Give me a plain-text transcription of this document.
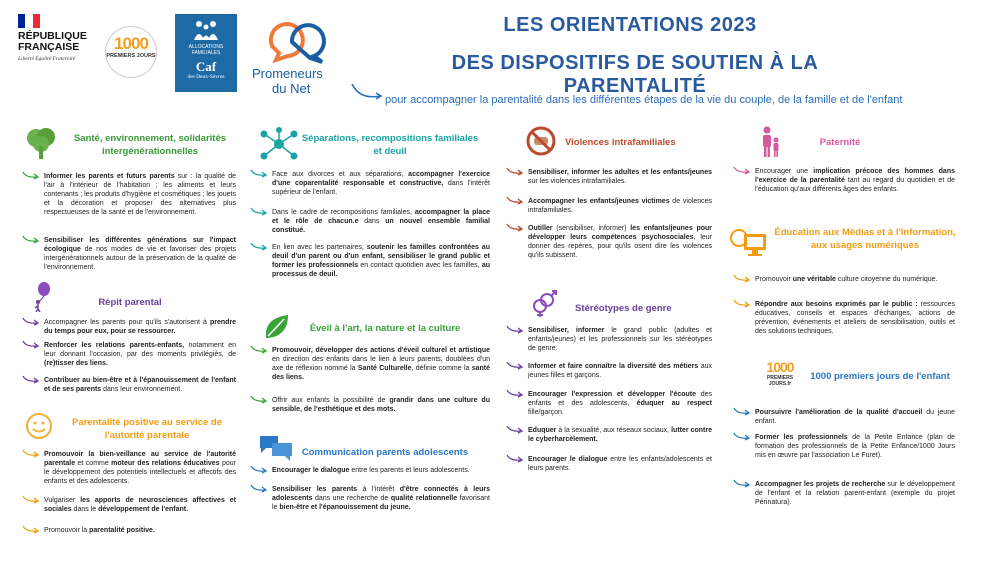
RÉPUBLIQUE FRANÇAISE
Liberté Égalité Fraternité
1000
PREMIERS JOURS
ALLOCATIONS FAMILIALES
Caf
des Deux-Sèvres	Promeneurs
du Net
LES ORIENTATIONS 2023
DES DISPOSITIFS DE SOUTIEN À LA PARENTALITÉ
pour accompagner la parentalité dans les différentes étapes de la vie du couple, de la famille et de l'enfant
Santé, environnement, solidarités intergénérationnelles
Informer les parents et futurs parents sur : la qualité de l'air à l'intérieur de l'habitation ; les aliments et leurs contenants ; les produits d'hygiène et cosmétiques ; les jouets et la décoration et proposer des alternatives plus respectueuses de la santé et de l'environnement.
Sensibiliser les différentes générations sur l'impact écologique de nos modes de vie et favoriser des projets intergénérationnels autour de la préservation de la qualité de l'environnement.
Répit parental
Accompagner les parents pour qu'ils s'autorisent à prendre du temps pour eux, pour se ressourcer.
Renforcer les relations parents-enfants, notamment en leur donnant l'occasion, par des moments privilégiés, de (re)tisser des liens.
Contribuer au bien-être et à l'épanouissement de l'enfant et de ses parents dans leur environnement.
Parentalité positive au service de l'autorité parentale
Promouvoir la bien-veillance au service de l'autorité parentale et comme moteur des relations éducatives pour le développement des potentiels intellectuels et affectifs des enfants et des adolescents.
Vulgariser les apports de neurosciences affectives et sociales dans le développement de l'enfant.
Promouvoir la parentalité positive.
Séparations, recompositions familiales et deuil
Face aux divorces et aux séparations, accompagner l'exercice d'une coparentalité responsable et constructive, dans l'intérêt supérieur de l'enfant.
Dans le cadre de recompositions familiales, accompagner la place et le rôle de chacun.e dans un nouvel ensemble familial constitué.
En lien avec les partenaires, soutenir les familles confrontées au deuil d'un parent ou d'un enfant, sensibiliser le grand public et former les professionnels en contact quotidien avec les familles, au processus de deuil.
Éveil à l'art, la nature et la culture
Promouvoir, développer des actions d'éveil culturel et artistique en direction des enfants dans le lien à leurs parents, doublées d'un axe de réflexion nommé la Santé Culturelle, définie comme la santé des liens.
Offrir aux enfants la possibilité de grandir dans une culture du sensible, de l'esthétique et des mots.
Communication parents adolescents
Encourager le dialogue entre les parents et leurs adolescents.
Sensibiliser les parents à l'intérêt d'être connectés à leurs adolescents dans une recherche de qualité relationnelle favorisant le bien-être et l'épanouissement du jeune.
Violences intrafamiliales
Sensibiliser, informer les adultes et les enfants/jeunes sur les violences intrafamiliales.
Accompagner les enfants/jeunes victimes de violences intrafamiliales.
Outiller (sensibiliser, informer) les enfants/jeunes pour développer leurs compétences psychosociales, leur donner des repères, pour qu'ils osent dire les violences qu'ils subissent.
Stéréotypes de genre
Sensibiliser, informer le grand public (adultes et enfants/jeunes) et les professionnels sur les stéréotypes de genre.
Informer et faire connaître la diversité des métiers aux jeunes filles et garçons.
Encourager l'expression et développer l'écoute des enfants et des adolescents, éduquer au respect fille/garçon.
Eduquer à la sexualité, aux réseaux sociaux, lutter contre le cyberharcèlement.
Encourager le dialogue entre les enfants/adolescents et leurs parents.
Paternité
Encourager une implication précoce des hommes dans l'exercice de la parentalité tant au regard du quotidien et de l'éducation qu'aux différents âges des enfants.
Éducation aux Médias et à l'Information, aux usages numériques
Promouvoir une véritable culture citoyenne du numérique.
Répondre aux besoins exprimés par le public : ressources éducatives, conseils et espaces d'échanges, actions de prévention, événements et ateliers de sensibilisation, outils et des solutions techniques.
1000
PREMIERS JOURS.fr
1000 premiers jours de l'enfant
Poursuivre l'amélioration de la qualité d'accueil du jeune enfant.
Former les professionnels de la Petite Enfance (plan de formation des professionnels de la Petite Enfance/1000 Jours mis en œuvre par l'association Le Furet).
Accompagner les projets de recherche sur le développement de l'enfant et la relation parent-enfant (exemple du projet Périnatura).
